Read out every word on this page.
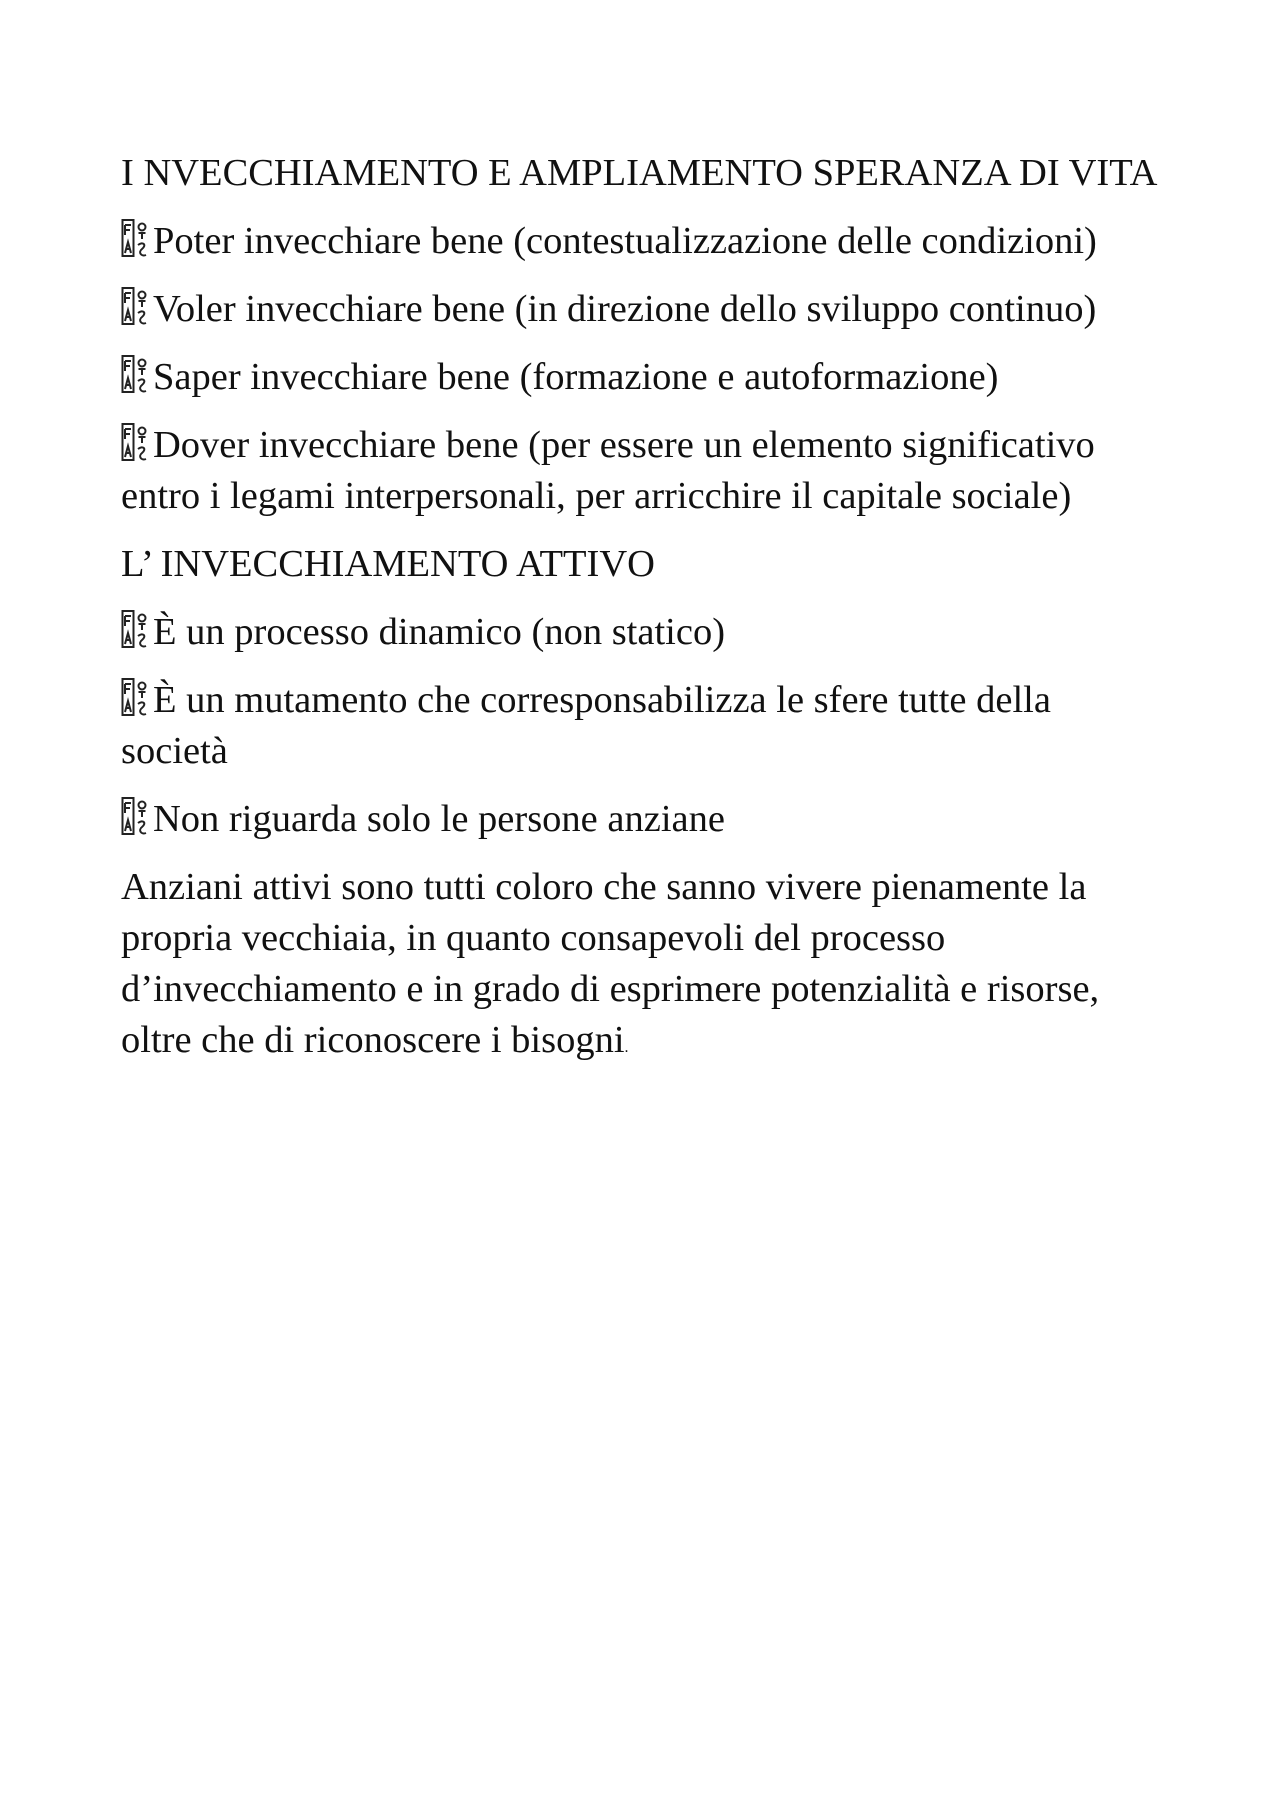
I NVECCHIAMENTO E AMPLIAMENTO SPERANZA DI VITA

Poter invecchiare bene (contestualizzazione delle condizioni)

Voler invecchiare bene (in direzione dello sviluppo continuo)

Saper invecchiare bene (formazione e autoformazione)

Dover invecchiare bene (per essere un elemento significativo entro i legami interpersonali, per arricchire il capitale sociale)

L’ INVECCHIAMENTO ATTIVO

È un processo dinamico (non statico)

È un mutamento che corresponsabilizza le sfere tutte della società

Non riguarda solo le persone anziane

Anziani attivi sono tutti coloro che sanno vivere pienamente la propria vecchiaia, in quanto consapevoli del processo d’invecchiamento e in grado di esprimere potenzialità e risorse, oltre che di riconoscere i bisogni.
